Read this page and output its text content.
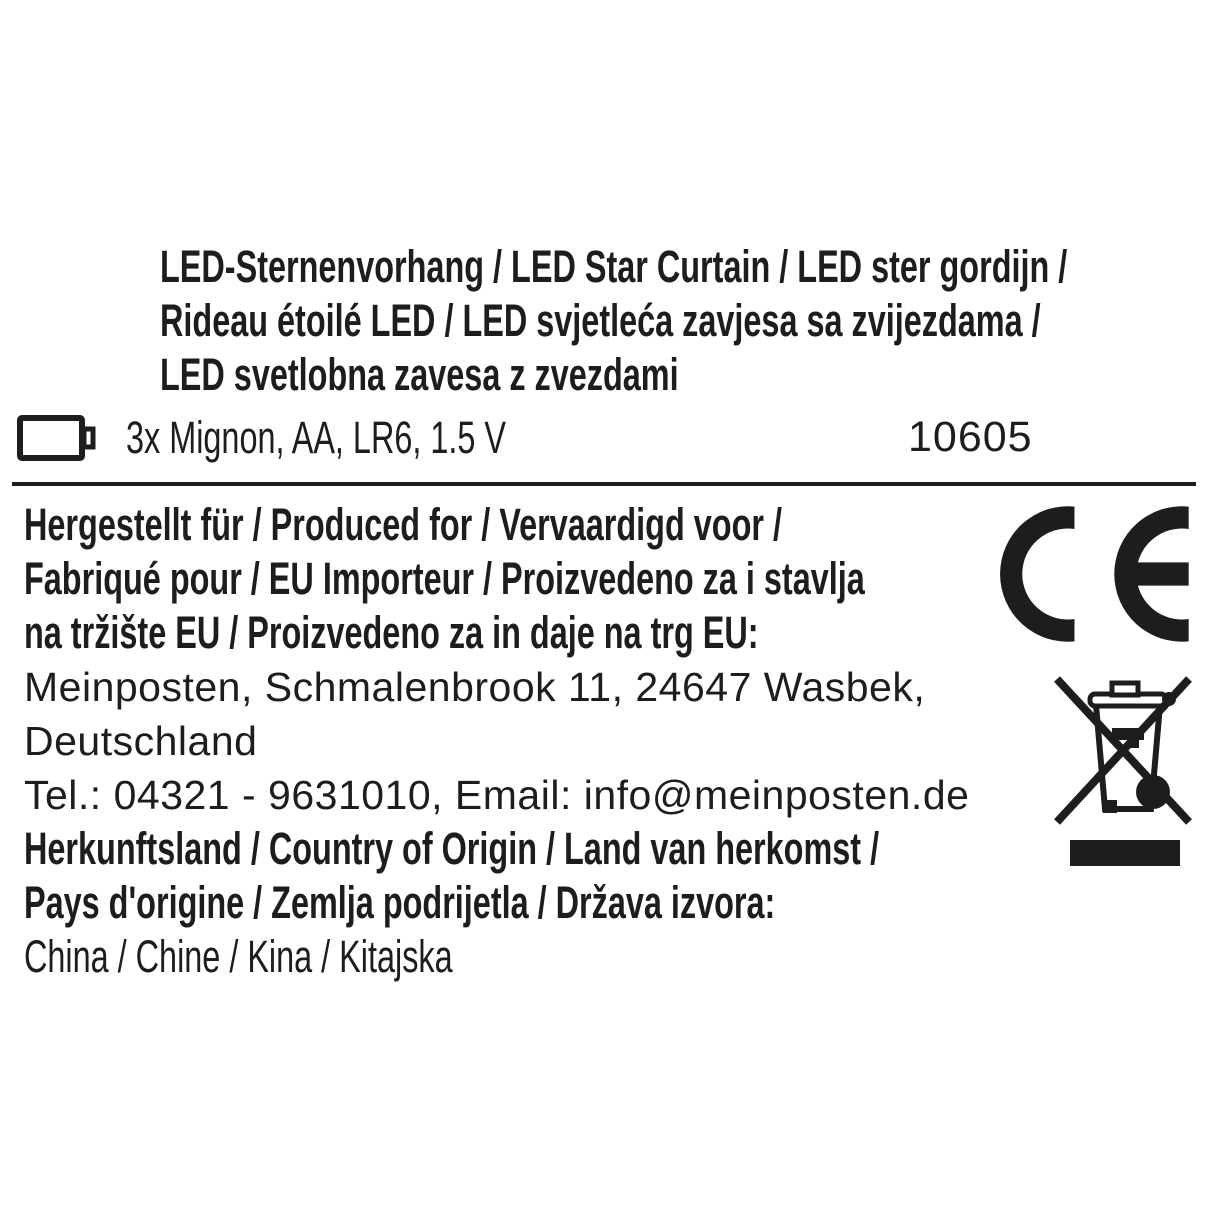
LED-Sternenvorhang / LED Star Curtain / LED ster gordijn /
Rideau étoilé LED / LED svjetleća zavjesa sa zvijezdama /
LED svetlobna zavesa z zvezdami
3x Mignon, AA, LR6, 1.5 V	10605
Hergestellt für / Produced for / Vervaardigd voor /
Fabriqué pour / EU Importeur / Proizvedeno za i stavlja
na tržište EU / Proizvedeno za in daje na trg EU:
Meinposten, Schmalenbrook 11, 24647 Wasbek,
Deutschland
Tel.: 04321 - 9631010, Email: info@meinposten.de
Herkunftsland / Country of Origin / Land van herkomst /
Pays d'origine / Zemlja podrijetla / Država izvora:
China / Chine / Kina / Kitajska
